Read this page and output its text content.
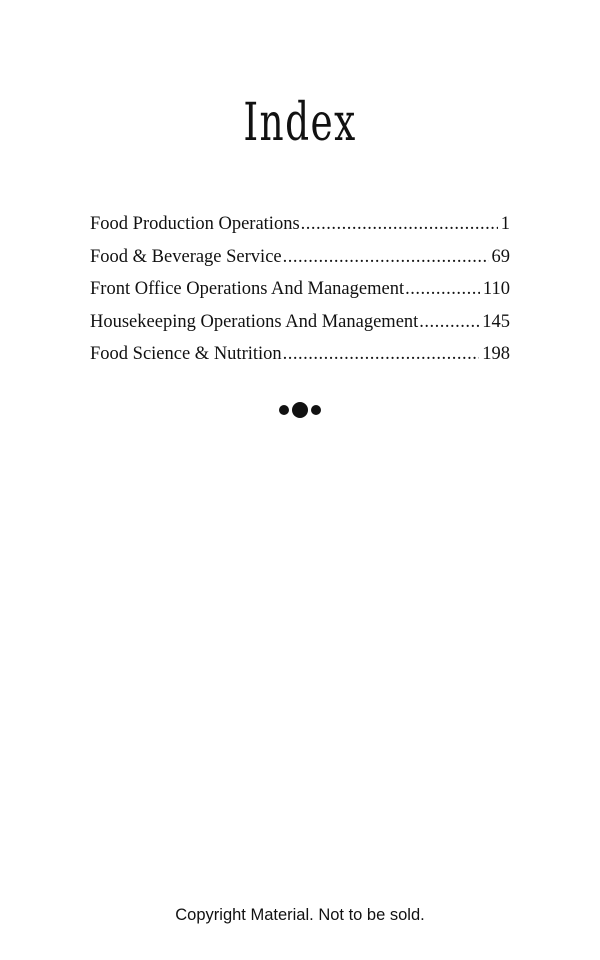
Index
Food Production Operations .....	1
Food & Beverage Service .....	69
Front Office Operations And Management .....	110
Housekeeping Operations And Management .....	145
Food Science & Nutrition .....	198

Copyright Material. Not to be sold.
